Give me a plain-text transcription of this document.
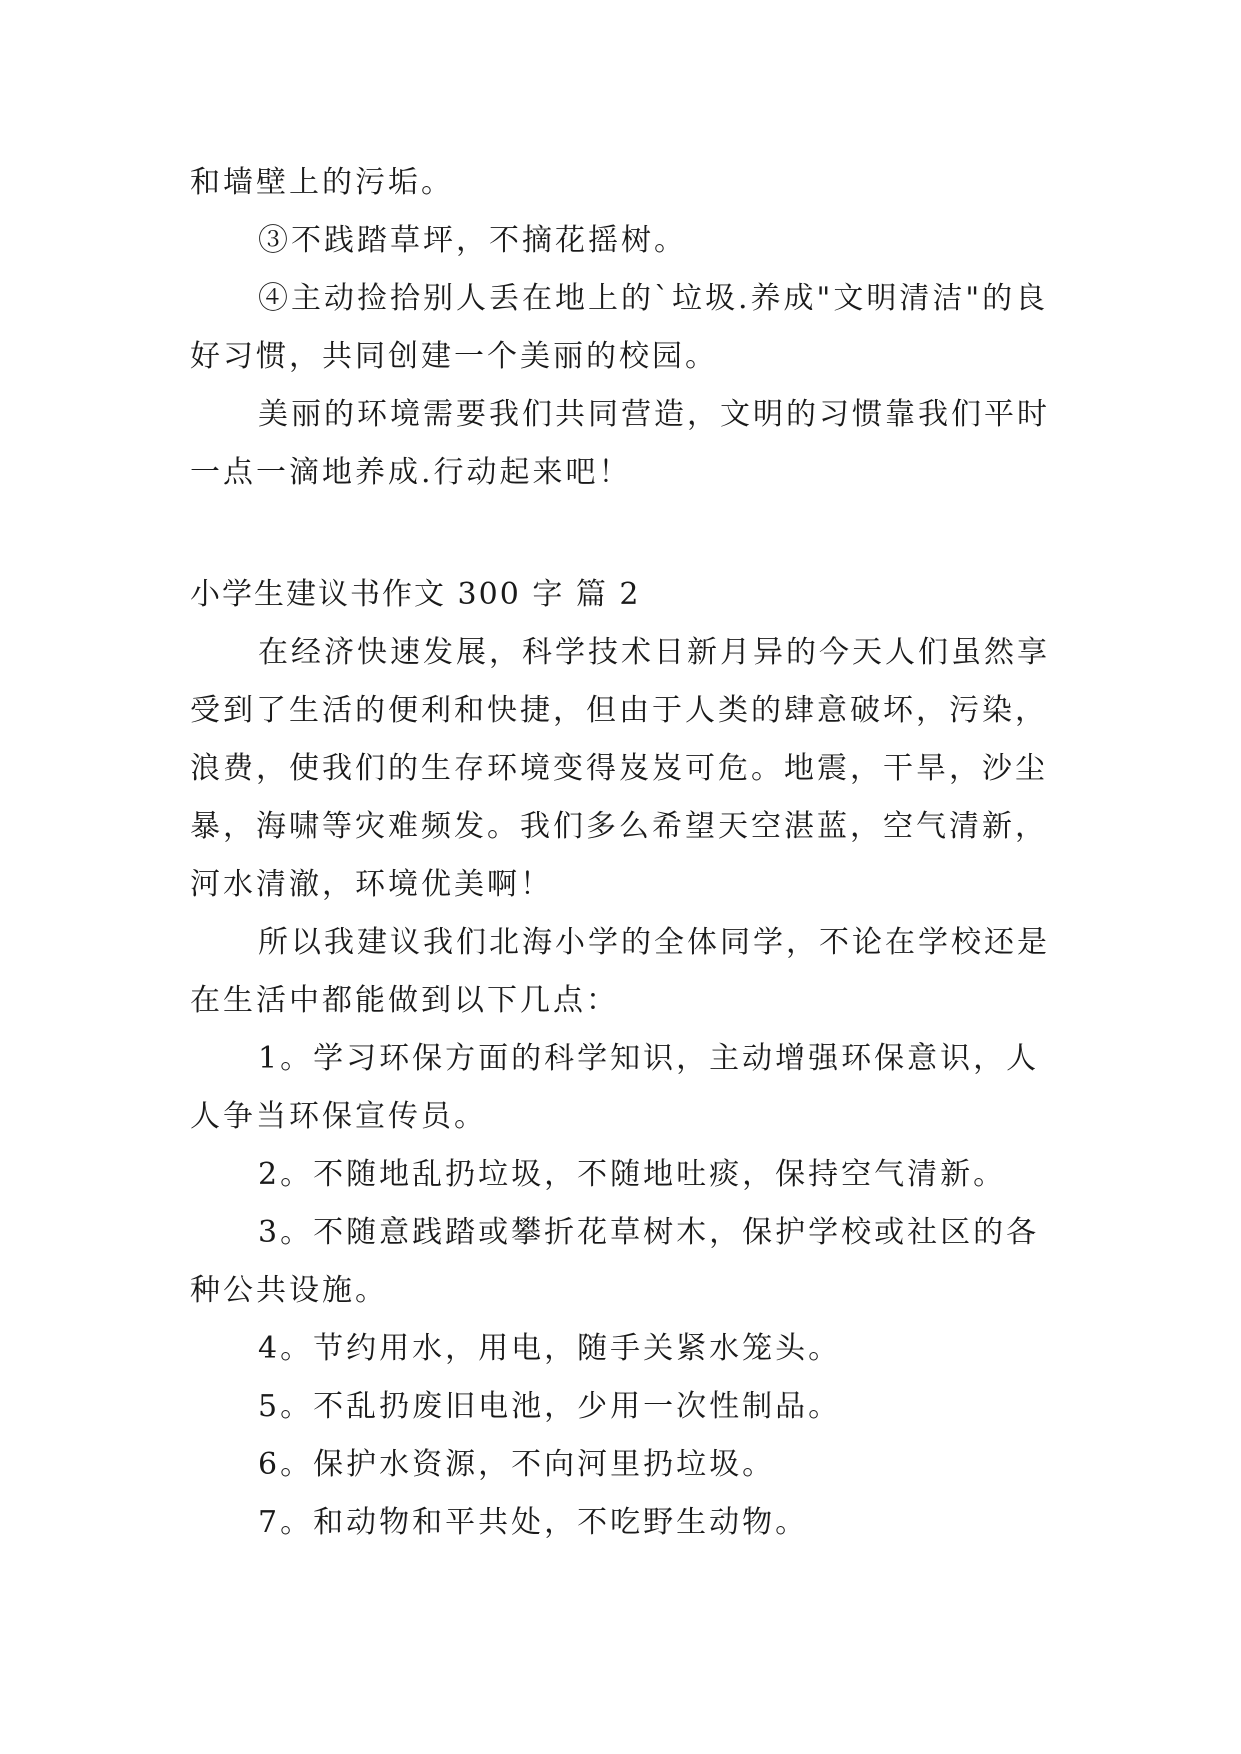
和墙壁上的污垢。

③不践踏草坪，不摘花摇树。

④主动捡拾别人丢在地上的`垃圾.养成"文明清洁"的良

好习惯，共同创建一个美丽的校园。

美丽的环境需要我们共同营造，文明的习惯靠我们平时

一点一滴地养成.行动起来吧！

小学生建议书作文 300 字 篇 2

在经济快速发展，科学技术日新月异的今天人们虽然享

受到了生活的便利和快捷，但由于人类的肆意破坏，污染，

浪费，使我们的生存环境变得岌岌可危。地震，干旱，沙尘

暴，海啸等灾难频发。我们多么希望天空湛蓝，空气清新，

河水清澈，环境优美啊！

所以我建议我们北海小学的全体同学，不论在学校还是

在生活中都能做到以下几点：

1。学习环保方面的科学知识，主动增强环保意识，人

人争当环保宣传员。

2。不随地乱扔垃圾，不随地吐痰，保持空气清新。

3。不随意践踏或攀折花草树木，保护学校或社区的各

种公共设施。

4。节约用水，用电，随手关紧水笼头。

5。不乱扔废旧电池，少用一次性制品。

6。保护水资源，不向河里扔垃圾。

7。和动物和平共处，不吃野生动物。
